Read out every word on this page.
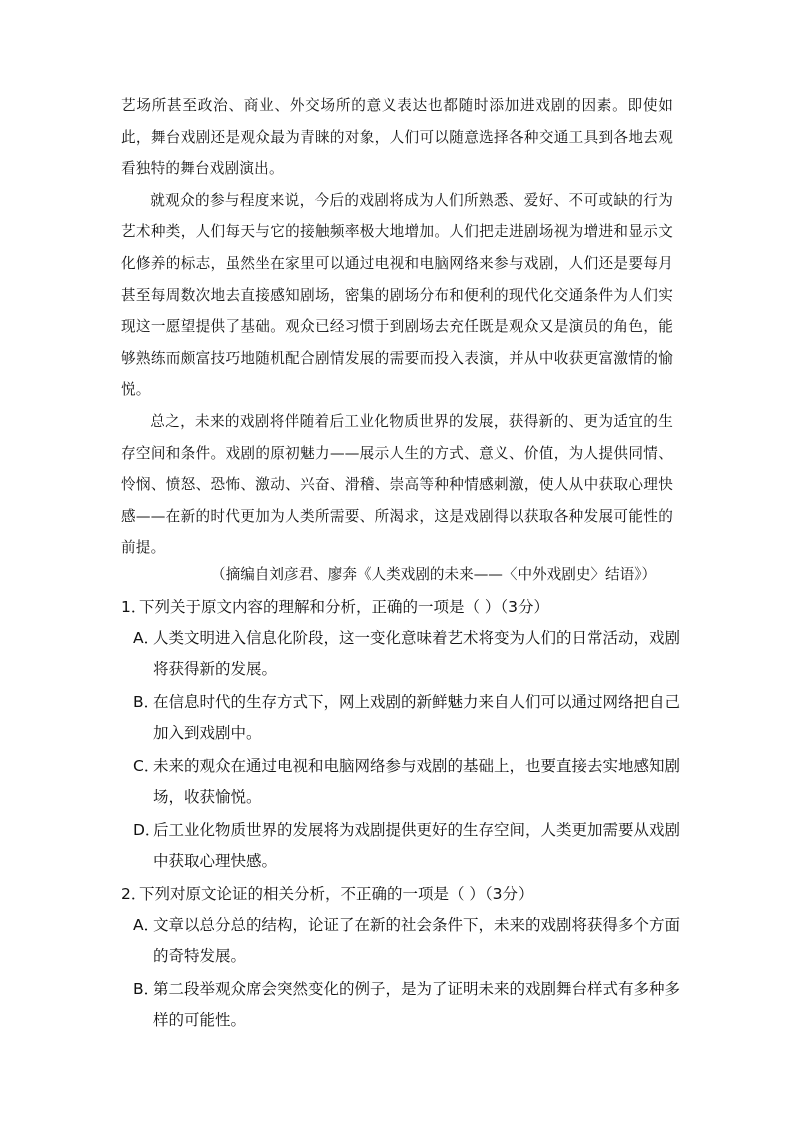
艺场所甚至政治、商业、外交场所的意义表达也都随时添加进戏剧的因素。即使如此，舞台戏剧还是观众最为青睐的对象，人们可以随意选择各种交通工具到各地去观看独特的舞台戏剧演出。

就观众的参与程度来说，今后的戏剧将成为人们所熟悉、爱好、不可或缺的行为艺术种类，人们每天与它的接触频率极大地增加。人们把走进剧场视为增进和显示文化修养的标志，虽然坐在家里可以通过电视和电脑网络来参与戏剧，人们还是要每月甚至每周数次地去直接感知剧场，密集的剧场分布和便利的现代化交通条件为人们实现这一愿望提供了基础。观众已经习惯于到剧场去充任既是观众又是演员的角色，能够熟练而颇富技巧地随机配合剧情发展的需要而投入表演，并从中收获更富激情的愉悦。

总之，未来的戏剧将伴随着后工业化物质世界的发展，获得新的、更为适宜的生存空间和条件。戏剧的原初魅力——展示人生的方式、意义、价值，为人提供同情、怜悯、愤怒、恐怖、激动、兴奋、滑稽、崇高等种种情感刺激，使人从中获取心理快感——在新的时代更加为人类所需要、所渴求，这是戏剧得以获取各种发展可能性的前提。

（摘编自刘彦君、廖奔《人类戏剧的未来——〈中外戏剧史〉结语》）
1．
下列关于原文内容的理解和分析，正确的一项是（ ）（3分）
A．
人类文明进入信息化阶段，这一变化意味着艺术将变为人们的日常活动，戏剧将获得新的发展。
B．
在信息时代的生存方式下，网上戏剧的新鲜魅力来自人们可以通过网络把自己加入到戏剧中。
C．
未来的观众在通过电视和电脑网络参与戏剧的基础上，也要直接去实地感知剧场，收获愉悦。
D．
后工业化物质世界的发展将为戏剧提供更好的生存空间，人类更加需要从戏剧中获取心理快感。
2．
下列对原文论证的相关分析，不正确的一项是（ ）（3分）
A．
文章以总分总的结构，论证了在新的社会条件下，未来的戏剧将获得多个方面的奇特发展。
B．
第二段举观众席会突然变化的例子，是为了证明未来的戏剧舞台样式有多种多样的可能性。
